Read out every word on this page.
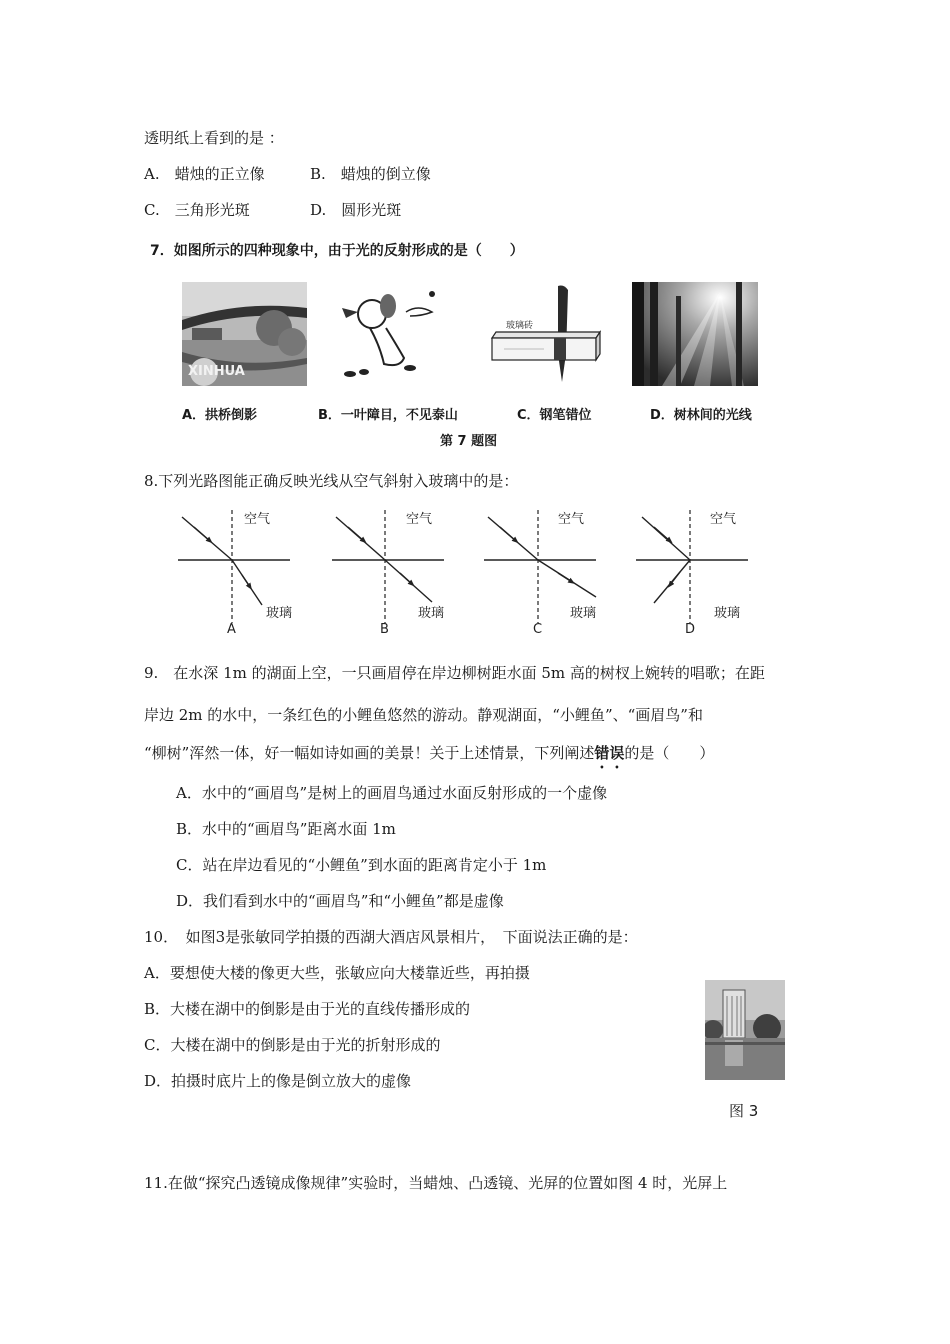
透明纸上看到的是 ：
A.　蜡烛的正立像	B.　蜡烛的倒立像
C.　三角形光斑	D.　圆形光斑
7．如图所示的四种现象中，由于光的反射形成的是（　　）
XINHUA
玻璃砖
A．拱桥倒影	B．一叶障目，不见泰山	C．钢笔错位	D．树林间的光线
第 7 题图
8.下列光路图能正确反映光线从空气斜射入玻璃中的是：
空气
玻璃
A
空气
玻璃
B
空气
玻璃
C
空气
玻璃
D
9.　在水深 1m 的湖面上空，一只画眉停在岸边柳树距水面 5m 高的树杈上婉转的唱歌；在距
岸边 2m 的水中，一条红色的小鲤鱼悠然的游动。静观湖面，“小鲤鱼”、“画眉鸟”和
“柳树”浑然一体，好一幅如诗如画的美景！关于上述情景，下列阐述错误的是（　　）
A．水中的“画眉鸟”是树上的画眉鸟通过水面反射形成的一个虚像
B．水中的“画眉鸟”距离水面 1m
C．站在岸边看见的“小鲤鱼”到水面的距离肯定小于 1m
D．我们看到水中的“画眉鸟”和“小鲤鱼”都是虚像
10．　如图3是张敏同学拍摄的西湖大酒店风景相片，　下面说法正确的是：
A．要想使大楼的像更大些，张敏应向大楼靠近些，再拍摄
B．大楼在湖中的倒影是由于光的直线传播形成的
C．大楼在湖中的倒影是由于光的折射形成的
D．拍摄时底片上的像是倒立放大的虚像
图 3
11.在做“探究凸透镜成像规律”实验时，当蜡烛、凸透镜、光屏的位置如图 4 时，光屏上
